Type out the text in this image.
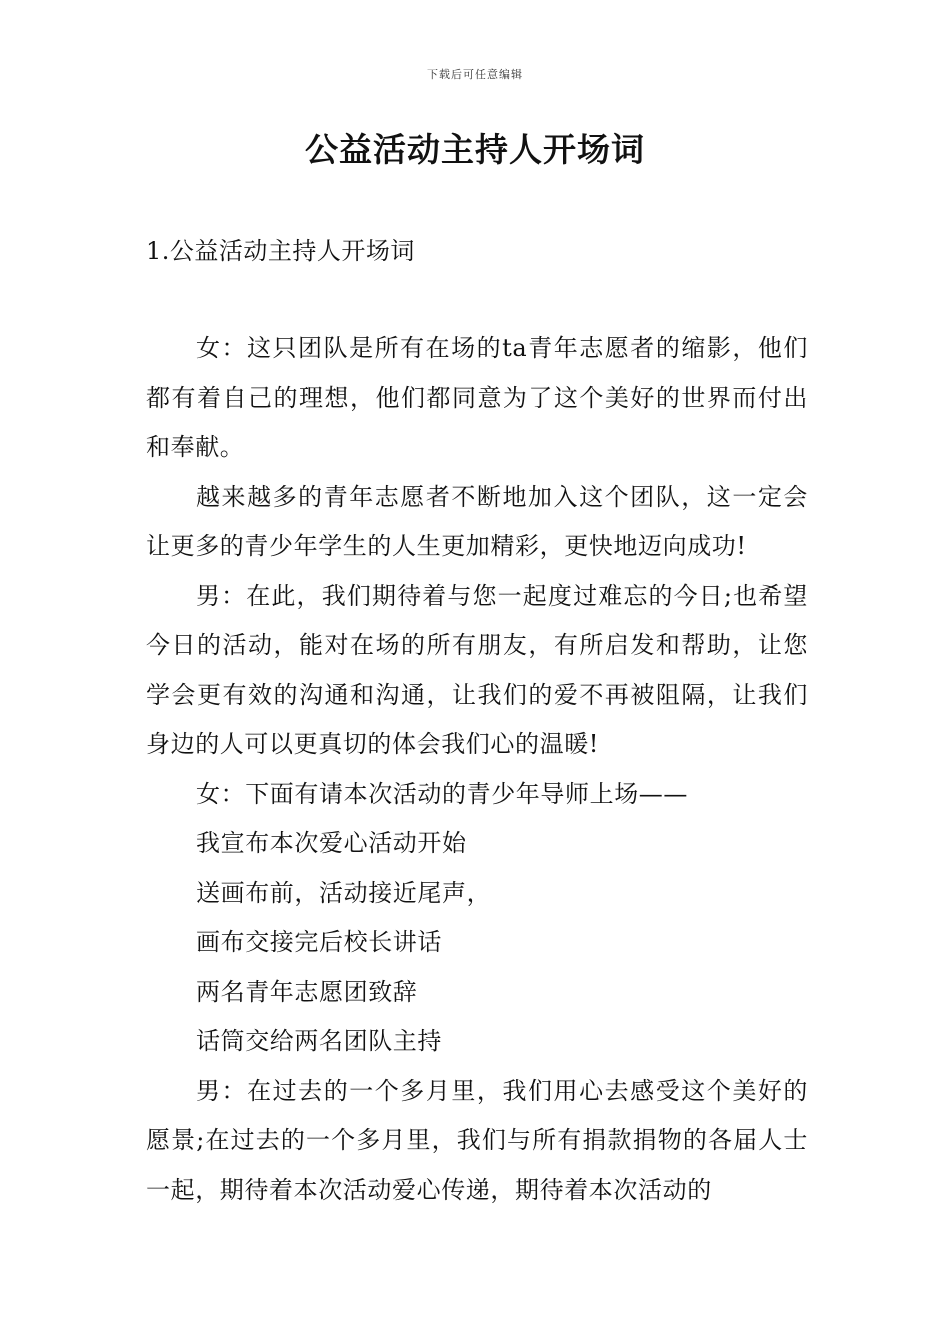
下载后可任意编辑
公益活动主持人开场词
1.公益活动主持人开场词

女：这只团队是所有在场的ta青年志愿者的缩影，他们都有着自己的理想，他们都同意为了这个美好的世界而付出和奉献。

越来越多的青年志愿者不断地加入这个团队，这一定会让更多的青少年学生的人生更加精彩，更快地迈向成功!

男：在此，我们期待着与您一起度过难忘的今日;也希望今日的活动，能对在场的所有朋友，有所启发和帮助，让您学会更有效的沟通和沟通，让我们的爱不再被阻隔，让我们身边的人可以更真切的体会我们心的温暖!

女：下面有请本次活动的青少年导师上场——

我宣布本次爱心活动开始

送画布前，活动接近尾声，

画布交接完后校长讲话

两名青年志愿团致辞

话筒交给两名团队主持

男：在过去的一个多月里，我们用心去感受这个美好的愿景;在过去的一个多月里，我们与所有捐款捐物的各届人士一起，期待着本次活动爱心传递，期待着本次活动的
